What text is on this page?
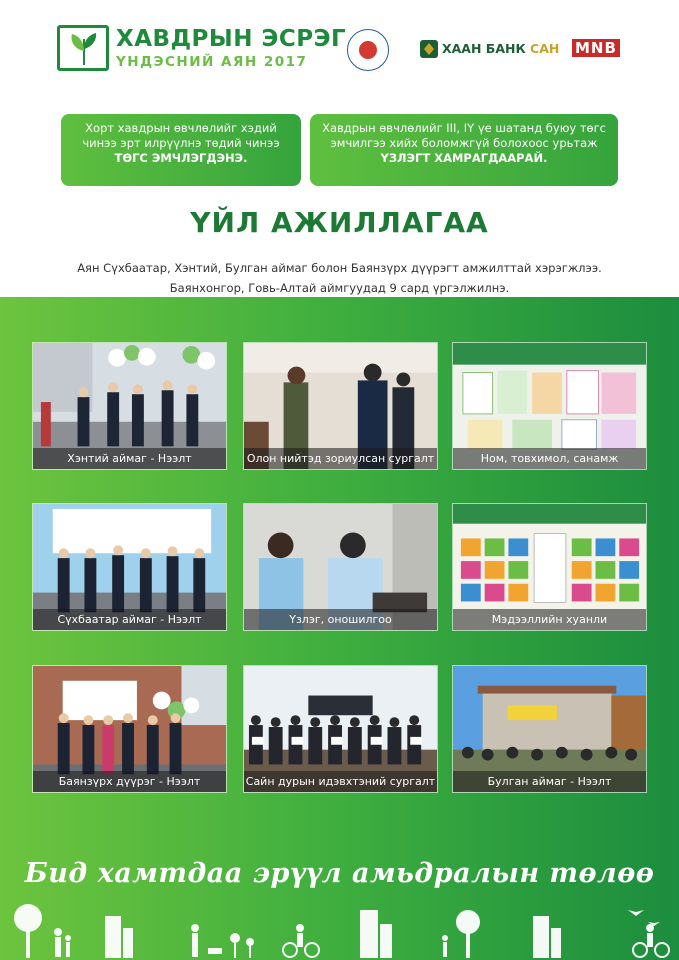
ХАВДРЫН ЭСРЭГ
ҮНДЭСНИЙ АЯН 2017
ХААН БАНК САН MNB
Хорт хавдрын өвчлөлийг хэдий чинээ эрт илрүүлнэ төдий чинээ ТӨГС ЭМЧЛЭГДЭНЭ.
Хавдрын өвчлөлийг III, IY үе шатанд буюу төгс эмчилгээ хийх боломжгүй болохоос урьтаж ҮЗЛЭГТ ХАМРАГДААРАЙ.
ҮЙЛ АЖИЛЛАГАА
Аян Сүхбаатар, Хэнтий, Булган аймаг болон Баянзүрх дүүрэгт амжилттай хэрэгжлээ.
Баянхонгор, Говь-Алтай аймгуудад 9 сард үргэлжилнэ.
Хэнтий аймаг - Нээлт	Олон нийтэд зориулсан сургалт	Ном, товхимол, санамж
Сүхбаатар аймаг - Нээлт	Үзлэг, оношилгоо	Мэдээллийн хуанли
Баянзүрх дүүрэг - Нээлт	Сайн дурын идэвхтэний сургалт	Булган аймаг - Нээлт
Бид хамтдаа эрүүл амьдралын төлөө
